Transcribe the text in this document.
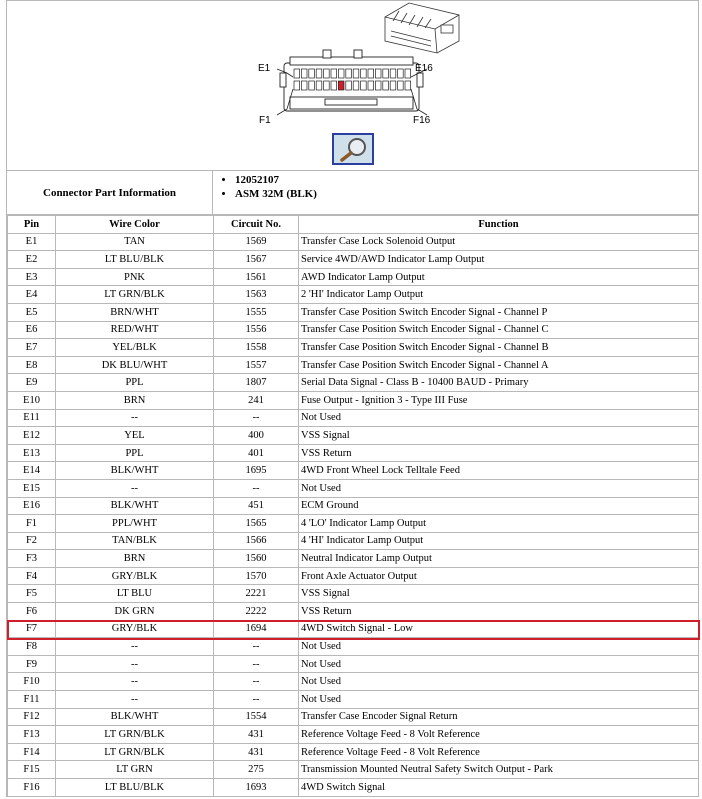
E1	E16
F1	F16
Connector Part Information
• 12052107
• ASM 32M (BLK)
Pin	Wire Color	Circuit No.	Function
E1	TAN	1569	Transfer Case Lock Solenoid Output
E2	LT BLU/BLK	1567	Service 4WD/AWD Indicator Lamp Output
E3	PNK	1561	AWD Indicator Lamp Output
E4	LT GRN/BLK	1563	2 'HI' Indicator Lamp Output
E5	BRN/WHT	1555	Transfer Case Position Switch Encoder Signal - Channel P
E6	RED/WHT	1556	Transfer Case Position Switch Encoder Signal - Channel C
E7	YEL/BLK	1558	Transfer Case Position Switch Encoder Signal - Channel B
E8	DK BLU/WHT	1557	Transfer Case Position Switch Encoder Signal - Channel A
E9	PPL	1807	Serial Data Signal - Class B - 10400 BAUD - Primary
E10	BRN	241	Fuse Output - Ignition 3 - Type III Fuse
E11	--	--	Not Used
E12	YEL	400	VSS Signal
E13	PPL	401	VSS Return
E14	BLK/WHT	1695	4WD Front Wheel Lock Telltale Feed
E15	--	--	Not Used
E16	BLK/WHT	451	ECM Ground
F1	PPL/WHT	1565	4 'LO' Indicator Lamp Output
F2	TAN/BLK	1566	4 'HI' Indicator Lamp Output
F3	BRN	1560	Neutral Indicator Lamp Output
F4	GRY/BLK	1570	Front Axle Actuator Output
F5	LT BLU	2221	VSS Signal
F6	DK GRN	2222	VSS Return
F7	GRY/BLK	1694	4WD Switch Signal - Low
F8	--	--	Not Used
F9	--	--	Not Used
F10	--	--	Not Used
F11	--	--	Not Used
F12	BLK/WHT	1554	Transfer Case Encoder Signal Return
F13	LT GRN/BLK	431	Reference Voltage Feed - 8 Volt Reference
F14	LT GRN/BLK	431	Reference Voltage Feed - 8 Volt Reference
F15	LT GRN	275	Transmission Mounted Neutral Safety Switch Output - Park
F16	LT BLU/BLK	1693	4WD Switch Signal
